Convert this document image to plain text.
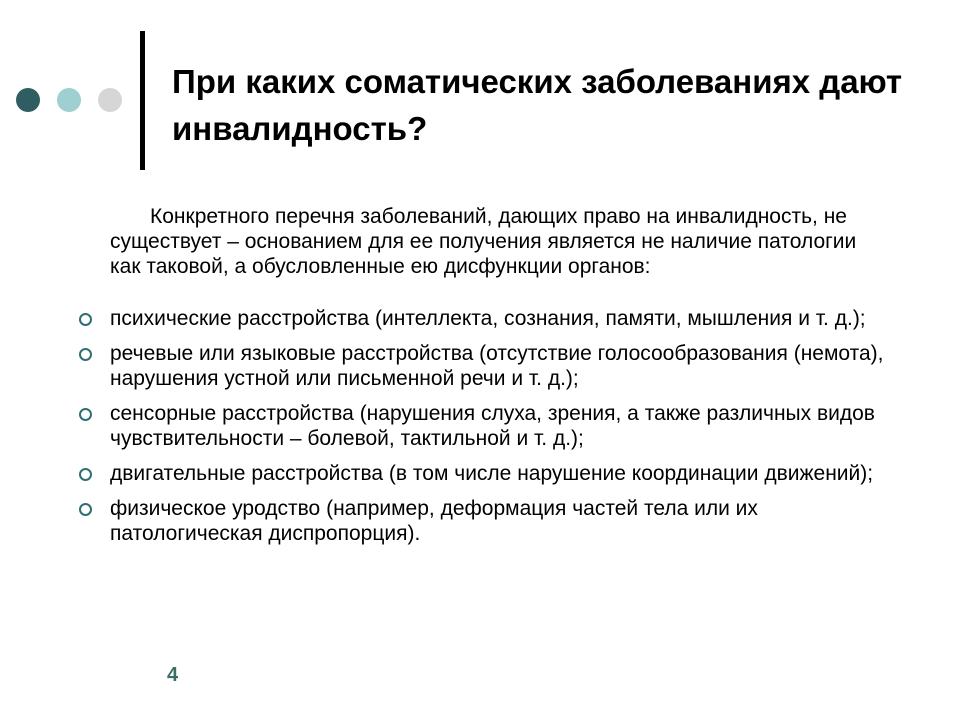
При каких соматических заболеваниях дают инвалидность?

Конкретного перечня заболеваний, дающих право на инвалидность, не существует – основанием для ее получения является не наличие патологии как таковой, а обусловленные ею дисфункции органов:

психические расстройства (интеллекта, сознания, памяти, мышления и т. д.);
речевые или языковые расстройства (отсутствие голосообразования (немота), нарушения устной или письменной речи и т. д.);
сенсорные расстройства (нарушения слуха, зрения, а также различных видов чувствительности – болевой, тактильной и т. д.);
двигательные расстройства (в том числе нарушение координации движений);
физическое уродство (например, деформация частей тела или их патологическая диспропорция).
4
